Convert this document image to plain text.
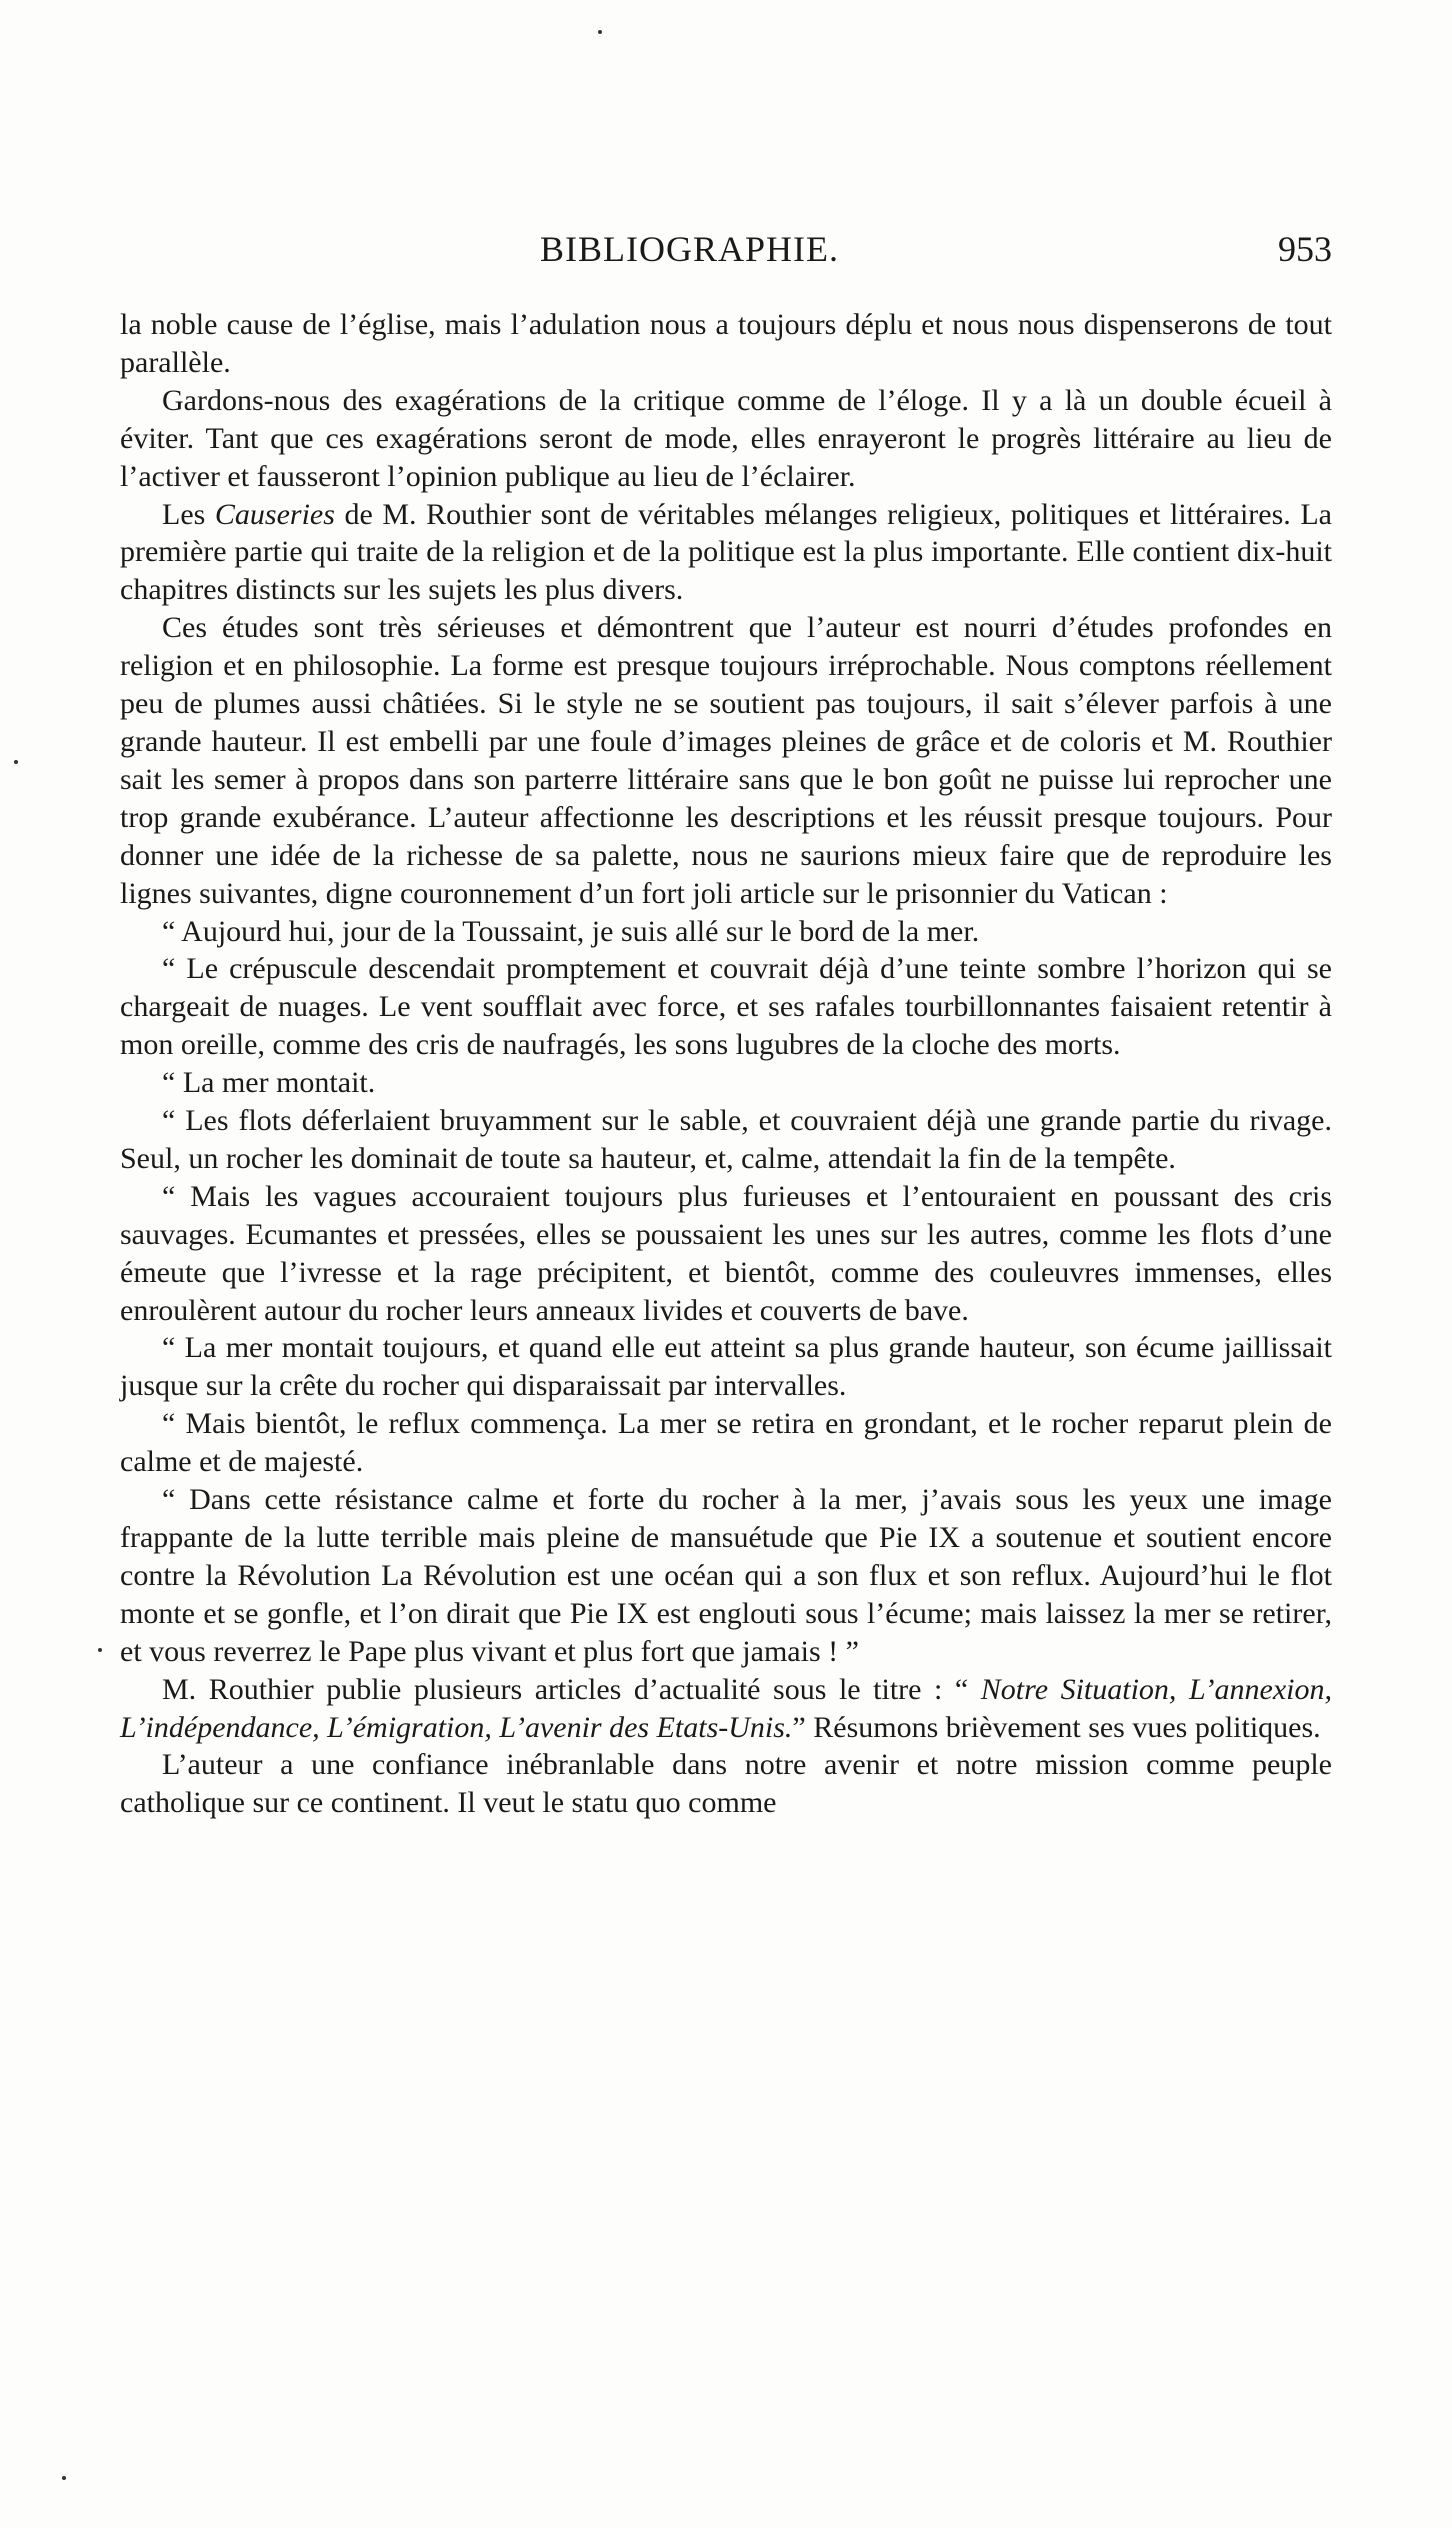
BIBLIOGRAPHIE.	953

la noble cause de l’église, mais l’adulation nous a toujours déplu et nous nous dispenserons de tout parallèle.

Gardons-nous des exagérations de la critique comme de l’éloge. Il y a là un double écueil à éviter. Tant que ces exagérations seront de mode, elles enrayeront le progrès littéraire au lieu de l’activer et fausseront l’opinion publique au lieu de l’éclairer.

Les Causeries de M. Routhier sont de véritables mélanges religieux, politiques et littéraires. La première partie qui traite de la religion et de la politique est la plus importante. Elle contient dix-huit chapitres distincts sur les sujets les plus divers.

Ces études sont très sérieuses et démontrent que l’auteur est nourri d’études profondes en religion et en philosophie. La forme est presque toujours irréprochable. Nous comptons réellement peu de plumes aussi châtiées. Si le style ne se soutient pas toujours, il sait s’élever parfois à une grande hauteur. Il est embelli par une foule d’images pleines de grâce et de coloris et M. Routhier sait les semer à propos dans son parterre littéraire sans que le bon goût ne puisse lui reprocher une trop grande exubérance. L’auteur affectionne les descriptions et les réussit presque toujours. Pour donner une idée de la richesse de sa palette, nous ne saurions mieux faire que de reproduire les lignes suivantes, digne couronnement d’un fort joli article sur le prisonnier du Vatican :

“ Aujourd hui, jour de la Toussaint, je suis allé sur le bord de la mer.

“ Le crépuscule descendait promptement et couvrait déjà d’une teinte sombre l’horizon qui se chargeait de nuages. Le vent soufflait avec force, et ses rafales tourbillonnantes faisaient retentir à mon oreille, comme des cris de naufragés, les sons lugubres de la cloche des morts.

“ La mer montait.

“ Les flots déferlaient bruyamment sur le sable, et couvraient déjà une grande partie du rivage. Seul, un rocher les dominait de toute sa hauteur, et, calme, attendait la fin de la tempête.

“ Mais les vagues accouraient toujours plus furieuses et l’entouraient en poussant des cris sauvages. Ecumantes et pressées, elles se poussaient les unes sur les autres, comme les flots d’une émeute que l’ivresse et la rage précipitent, et bientôt, comme des couleuvres immenses, elles enroulèrent autour du rocher leurs anneaux livides et couverts de bave.

“ La mer montait toujours, et quand elle eut atteint sa plus grande hauteur, son écume jaillissait jusque sur la crête du rocher qui disparaissait par intervalles.

“ Mais bientôt, le reflux commença. La mer se retira en grondant, et le rocher reparut plein de calme et de majesté.

“ Dans cette résistance calme et forte du rocher à la mer, j’avais sous les yeux une image frappante de la lutte terrible mais pleine de mansuétude que Pie IX a soutenue et soutient encore contre la Révolution La Révolution est une océan qui a son flux et son reflux. Aujourd’hui le flot monte et se gonfle, et l’on dirait que Pie IX est englouti sous l’écume; mais laissez la mer se retirer, et vous reverrez le Pape plus vivant et plus fort que jamais ! ”

M. Routhier publie plusieurs articles d’actualité sous le titre : “ Notre Situation, L’annexion, L’indépendance, L’émigration, L’avenir des Etats-Unis.” Résumons brièvement ses vues politiques.

L’auteur a une confiance inébranlable dans notre avenir et notre mission comme peuple catholique sur ce continent. Il veut le statu quo comme
